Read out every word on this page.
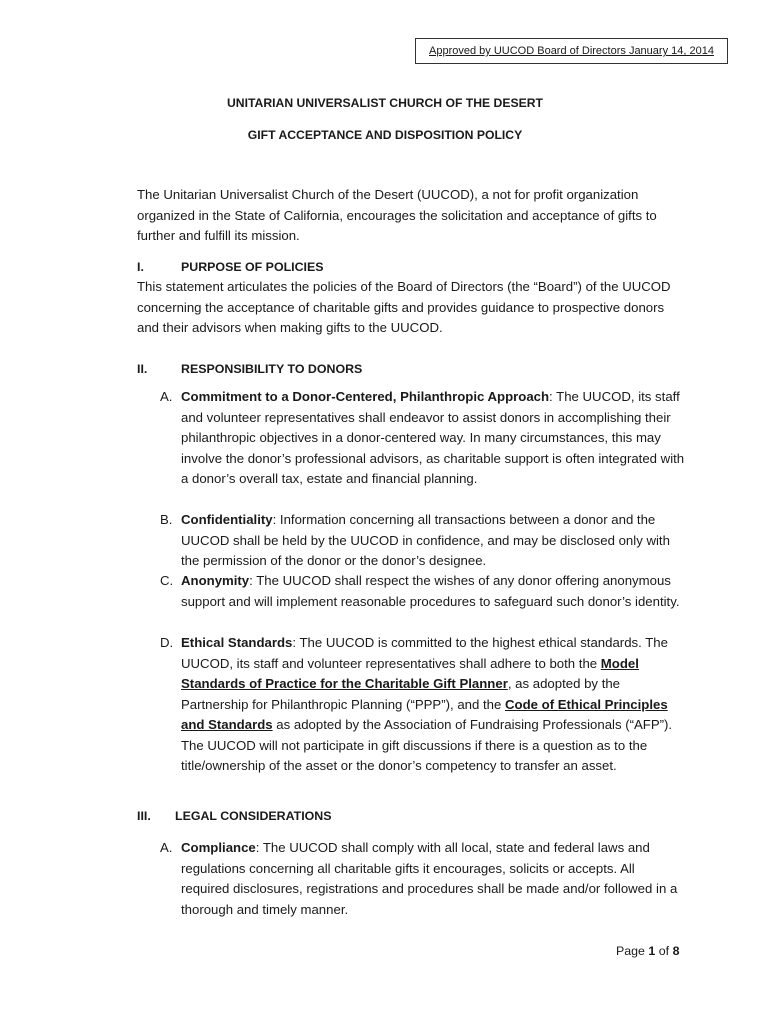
Approved by UUCOD Board of Directors January 14, 2014
UNITARIAN UNIVERSALIST CHURCH OF THE DESERT
GIFT ACCEPTANCE AND DISPOSITION POLICY
The Unitarian Universalist Church of the Desert (UUCOD), a not for profit organization organized in the State of California, encourages the solicitation and acceptance of gifts to further and fulfill its mission.
I.	PURPOSE OF POLICIES
This statement articulates the policies of the Board of Directors (the “Board”) of the UUCOD concerning the acceptance of charitable gifts and provides guidance to prospective donors and their advisors when making gifts to the UUCOD.
II.	RESPONSIBILITY TO DONORS
A. Commitment to a Donor-Centered, Philanthropic Approach: The UUCOD, its staff and volunteer representatives shall endeavor to assist donors in accomplishing their philanthropic objectives in a donor-centered way. In many circumstances, this may involve the donor’s professional advisors, as charitable support is often integrated with a donor’s overall tax, estate and financial planning.
B. Confidentiality: Information concerning all transactions between a donor and the UUCOD shall be held by the UUCOD in confidence, and may be disclosed only with the permission of the donor or the donor’s designee.
C. Anonymity: The UUCOD shall respect the wishes of any donor offering anonymous support and will implement reasonable procedures to safeguard such donor’s identity.
D. Ethical Standards: The UUCOD is committed to the highest ethical standards. The UUCOD, its staff and volunteer representatives shall adhere to both the Model Standards of Practice for the Charitable Gift Planner, as adopted by the Partnership for Philanthropic Planning (“PPP”), and the Code of Ethical Principles and Standards as adopted by the Association of Fundraising Professionals (“AFP”). The UUCOD will not participate in gift discussions if there is a question as to the title/ownership of the asset or the donor’s competency to transfer an asset.
III. LEGAL CONSIDERATIONS
A. Compliance: The UUCOD shall comply with all local, state and federal laws and regulations concerning all charitable gifts it encourages, solicits or accepts. All required disclosures, registrations and procedures shall be made and/or followed in a thorough and timely manner.
Page 1 of 8
